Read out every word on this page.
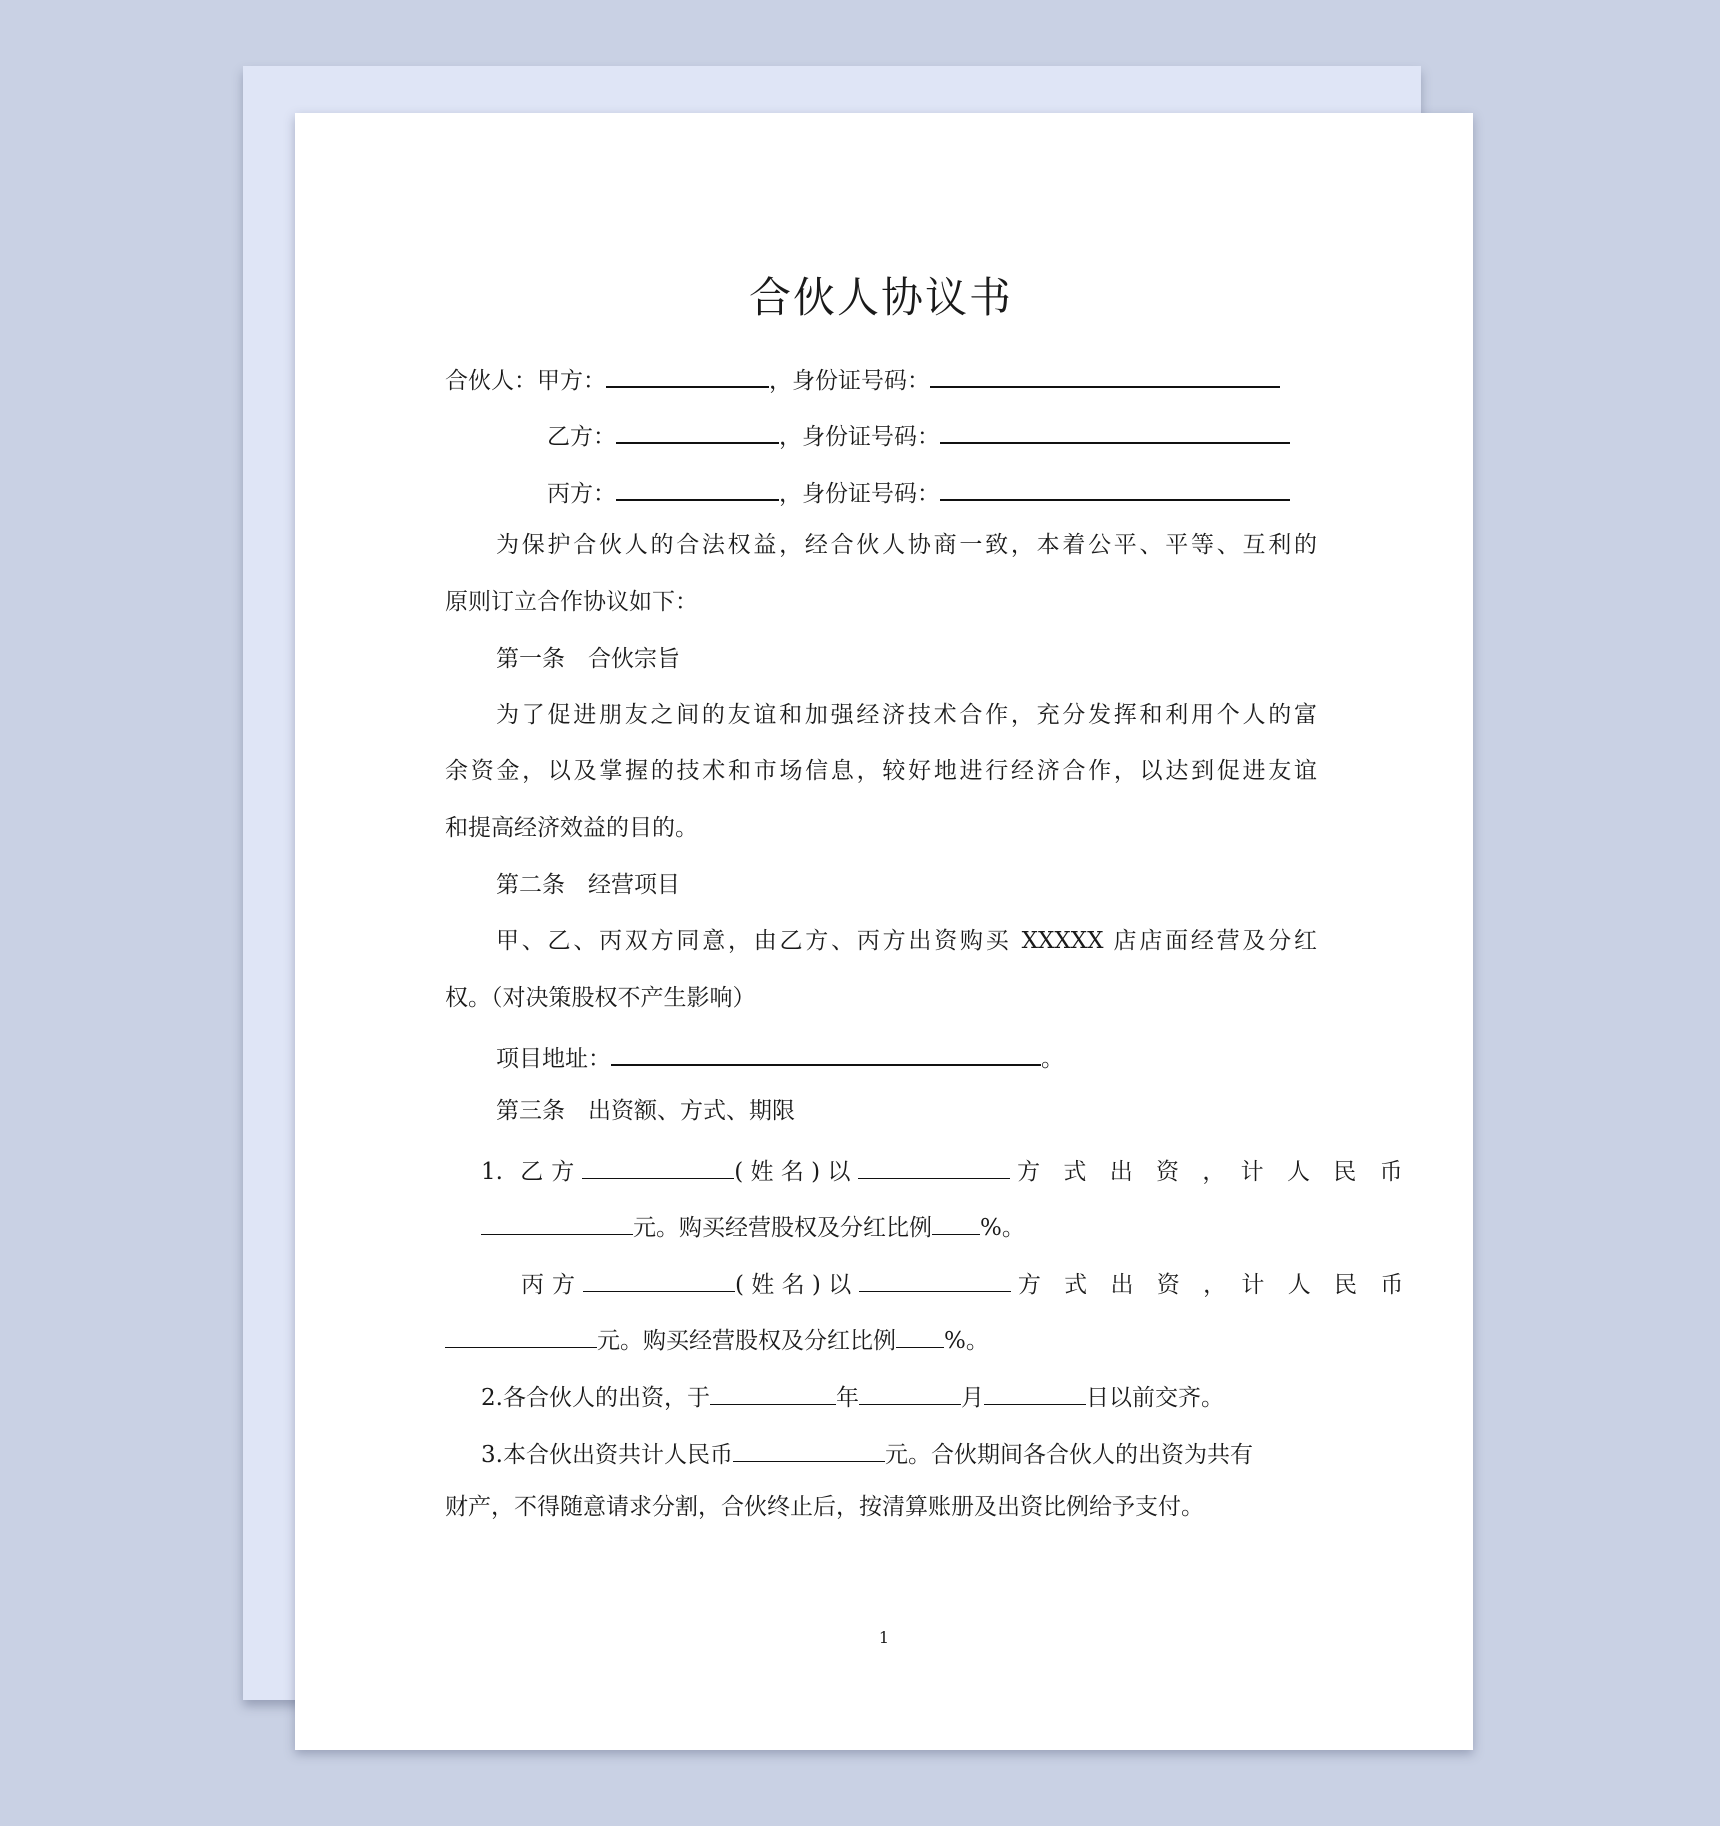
合伙人协议书
合伙人：甲方：	，身份证号码：
乙方：	，身份证号码：
丙方：	，身份证号码：
为保护合伙人的合法权益，经合伙人协商一致，本着公平、平等、互利的
原则订立合作协议如下：
第一条　合伙宗旨
为了促进朋友之间的友谊和加强经济技术合作，充分发挥和利用个人的富
余资金，以及掌握的技术和市场信息，较好地进行经济合作，以达到促进友谊
和提高经济效益的目的。
第二条　经营项目
甲、乙、丙双方同意，由乙方、丙方出资购买 XXXXX 店店面经营及分红
权。（对决策股权不产生影响）
项目地址：	。
第三条　出资额、方式、期限
1. 乙方	( 姓 名 ) 以	方 式 出 资 ， 计 人 民 币
元。购买经营股权及分红比例 %。
丙方	( 姓 名 ) 以	方 式 出 资 ， 计 人 民 币
元。购买经营股权及分红比例 %。
2.各合伙人的出资，于	年	月	日以前交齐。
3.本合伙出资共计人民币	元。合伙期间各合伙人的出资为共有
财产，不得随意请求分割，合伙终止后，按清算账册及出资比例给予支付。
1
